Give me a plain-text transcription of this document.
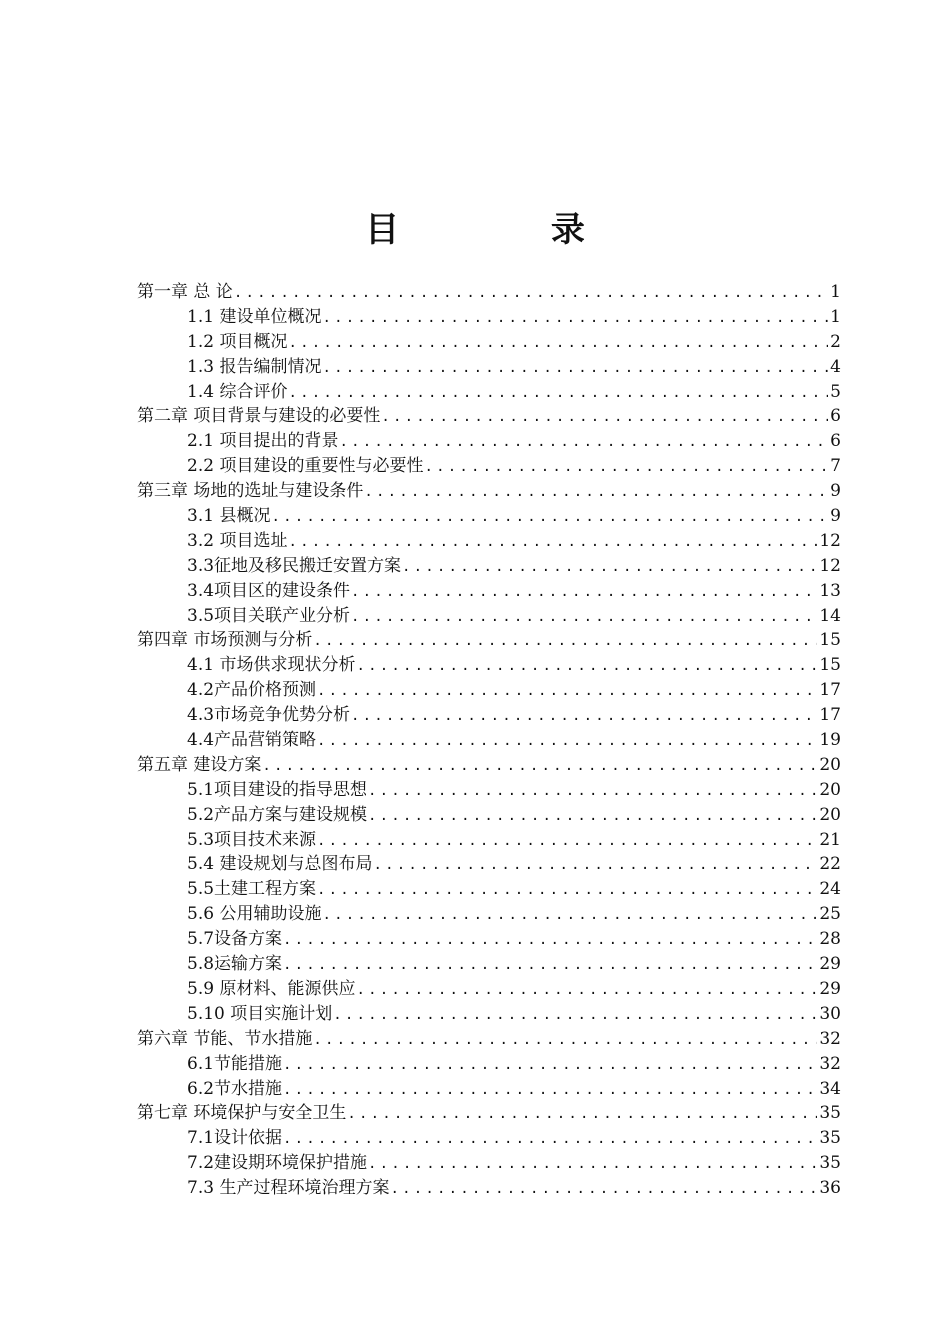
目 录
第一章 总 论 .....	1
1.1 建设单位概况 .....	1
1.2 项目概况 .....	2
1.3 报告编制情况 .....	4
1.4 综合评价 .....	5
第二章 项目背景与建设的必要性 .....	6
2.1 项目提出的背景 .....	6
2.2 项目建设的重要性与必要性 .....	7
第三章 场地的选址与建设条件 .....	9
3.1 县概况 .....	9
3.2 项目选址 .....	12
3.3征地及移民搬迁安置方案 .....	12
3.4项目区的建设条件 .....	13
3.5项目关联产业分析 .....	14
第四章 市场预测与分析 .....	15
4.1 市场供求现状分析 .....	15
4.2产品价格预测 .....	17
4.3市场竞争优势分析 .....	17
4.4产品营销策略 .....	19
第五章 建设方案 .....	20
5.1项目建设的指导思想 .....	20
5.2产品方案与建设规模 .....	20
5.3项目技术来源 .....	21
5.4 建设规划与总图布局 .....	22
5.5土建工程方案 .....	24
5.6 公用辅助设施 .....	25
5.7设备方案 .....	28
5.8运输方案 .....	29
5.9 原材料、能源供应 .....	29
5.10 项目实施计划 .....	30
第六章 节能、节水措施 .....	32
6.1节能措施 .....	32
6.2节水措施 .....	34
第七章 环境保护与安全卫生 .....	35
7.1设计依据 .....	35
7.2建设期环境保护措施 .....	35
7.3 生产过程环境治理方案 .....	36
